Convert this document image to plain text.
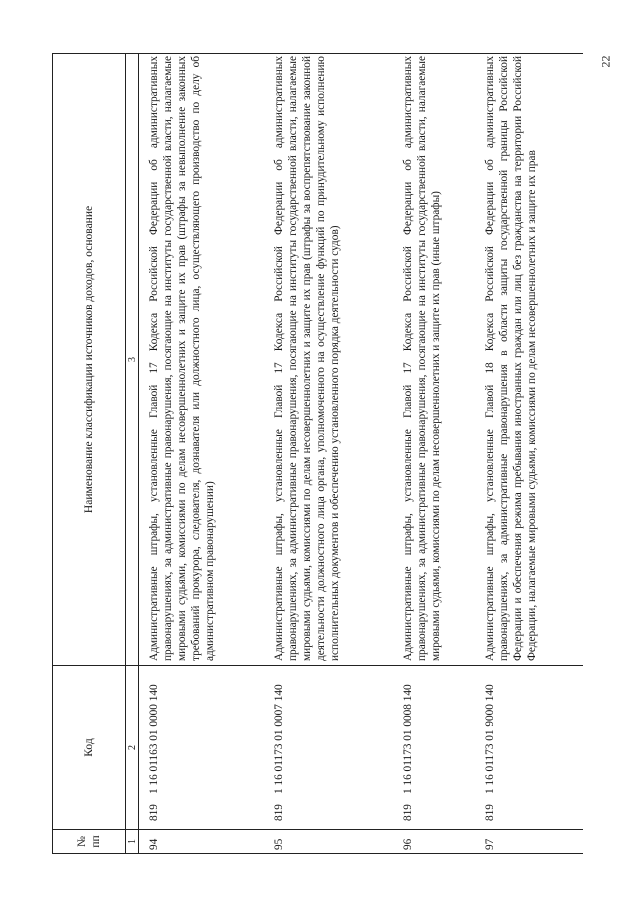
22
№ пп	Код	Наименование классификации источников доходов, основание
1	2	3
94	8191 16 01163 01 0000 140	Административные штрафы, установленные Главой 17 Кодекса Российской Федерации об административных правонарушениях, за административные правонарушения, посягающие на институты государственной власти, налагаемые мировыми судьями, комиссиями по делам несовершеннолетних и защите их прав (штрафы за невыполнение законных требований прокурора, следователя, дознавателя или должностного лица, осуществляющего производство по делу об административном правонарушении)
95	8191 16 01173 01 0007 140	Административные штрафы, установленные Главой 17 Кодекса Российской Федерации об административных правонарушениях, за административные правонарушения, посягающие на институты государственной власти, налагаемые мировыми судьями, комиссиями по делам несовершеннолетних и защите их прав (штрафы за воспрепятствование законной деятельности должностного лица органа, уполномоченного на осуществление функций по принудительному исполнению исполнительных документов и обеспечению установленного порядка деятельности судов)
96	8191 16 01173 01 0008 140	Административные штрафы, установленные Главой 17 Кодекса Российской Федерации об административных правонарушениях, за административные правонарушения, посягающие на институты государственной власти, налагаемые мировыми судьями, комиссиями по делам несовершеннолетних и защите их прав (иные штрафы)
97	8191 16 01173 01 9000 140	Административные штрафы, установленные Главой 18 Кодекса Российской Федерации об административных правонарушениях, за административные правонарушения в области защиты государственной границы Российской Федерации и обеспечения режима пребывания иностранных граждан или лиц без гражданства на территории Российской Федерации, налагаемые мировыми судьями, комиссиями по делам несовершеннолетних и защите их прав
